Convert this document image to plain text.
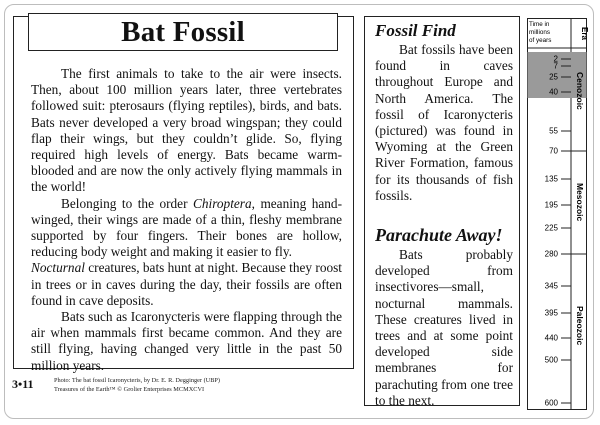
Bat Fossil

The first animals to take to the air were insects. Then, about 100 million years later, three vertebrates followed suit: pterosaurs (flying reptiles), birds, and bats. Bats never developed a very broad wingspan; they could flap their wings, but they couldn’t glide. So, flying required high levels of energy. Bats became warm-blooded and are now the only actively flying mammals in the world!

Belonging to the order Chiroptera, meaning hand-winged, their wings are made of a thin, fleshy membrane supported by four fingers. Their bones are hollow, reducing body weight and making it easier to fly.

Nocturnal creatures, bats hunt at night. Because they roost in trees or in caves during the day, their fossils are often found in cave deposits.

Bats such as Icaronycteris were flapping through the air when mammals first became common. And they are still flying, having changed very little in the past 50 million years.

3•11	Photo: The bat fossil Icaronycteris, by Dr. E. R. Degginger (UBP)
Treasures of the Earth™ © Grolier Enterprises MCMXCVI
Fossil Find

Bat fossils have been found in caves throughout Europe and North America. The fossil of Icaronycteris (pictured) was found in Wyoming at the Green River Formation, famous for its thousands of fish fossils.

Parachute Away!

Bats probably developed from insectivores—small, nocturnal mammals. These creatures lived in trees and at some point developed side membranes for parachuting from one tree to the next.

Time in
millions
of years
Era
2
7
25
40
55
70
135
195
225
280
345
395
440
500
600
Cenozoic
Mesozoic
Paleozoic
